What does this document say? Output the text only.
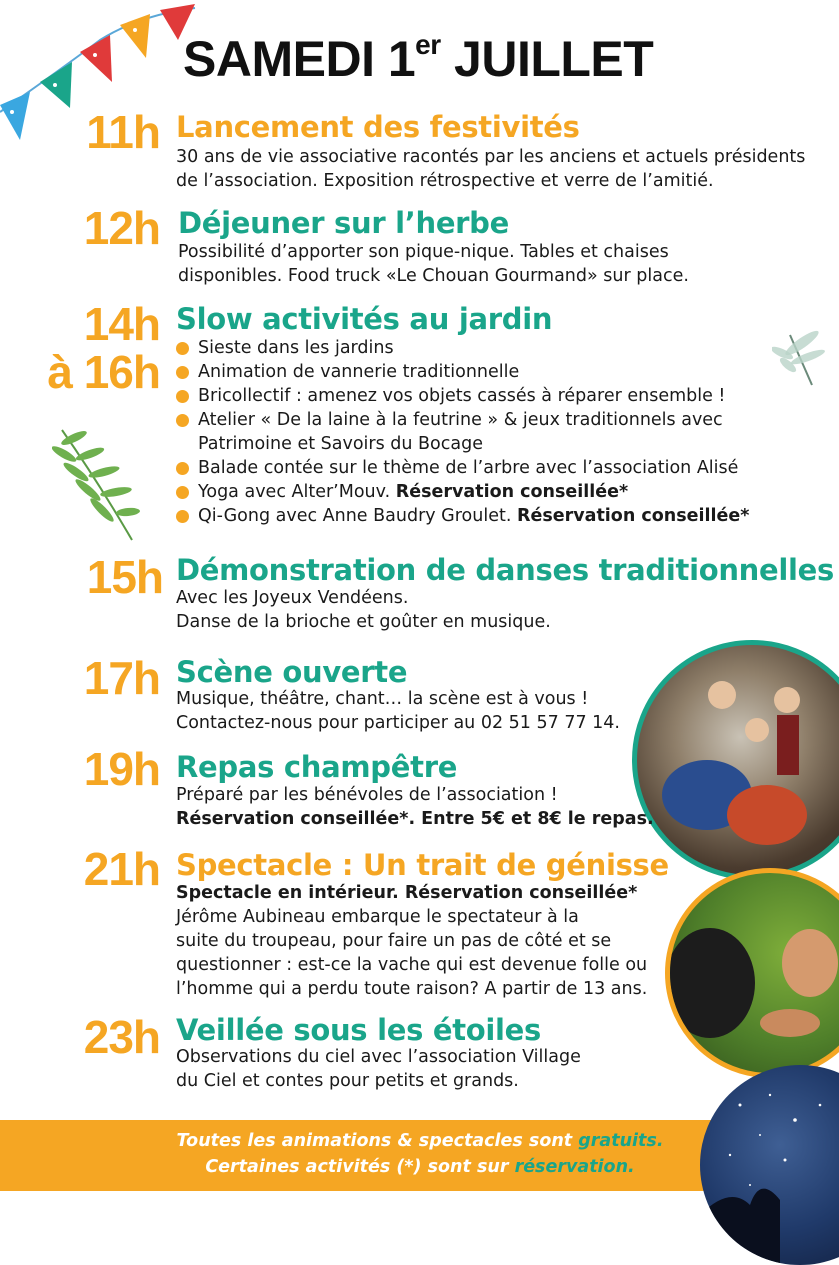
SAMEDI 1er JUILLET
11h Lancement des festivités
30 ans de vie associative racontés par les anciens et actuels présidents
de l’association. Exposition rétrospective et verre de l’amitié.
12h Déjeuner sur l’herbe
Possibilité d’apporter son pique-nique. Tables et chaises
disponibles. Food truck «Le Chouan Gourmand» sur place.
14h
à 16h
Slow activités au jardin
Sieste dans les jardins
Animation de vannerie traditionnelle
Bricollectif : amenez vos objets cassés à réparer ensemble !
Atelier « De la laine à la feutrine » & jeux traditionnels avec
Patrimoine et Savoirs du Bocage
Balade contée sur le thème de l’arbre avec l’association Alisé
Yoga avec Alter’Mouv. Réservation conseillée*
Qi-Gong avec Anne Baudry Groulet. Réservation conseillée*
15h Démonstration de danses traditionnelles
Avec les Joyeux Vendéens.
Danse de la brioche et goûter en musique.
17h Scène ouverte
Musique, théâtre, chant… la scène est à vous !
Contactez-nous pour participer au 02 51 57 77 14.
19h Repas champêtre
Préparé par les bénévoles de l’association !
Réservation conseillée*. Entre 5€ et 8€ le repas.
21h Spectacle : Un trait de génisse
Spectacle en intérieur. Réservation conseillée*
Jérôme Aubineau embarque le spectateur à la
suite du troupeau, pour faire un pas de côté et se
questionner : est-ce la vache qui est devenue folle ou
l’homme qui a perdu toute raison? A partir de 13 ans.
23h Veillée sous les étoiles
Observations du ciel avec l’association Village
du Ciel et contes pour petits et grands.
Toutes les animations & spectacles sont gratuits.
Certaines activités (*) sont sur réservation.
